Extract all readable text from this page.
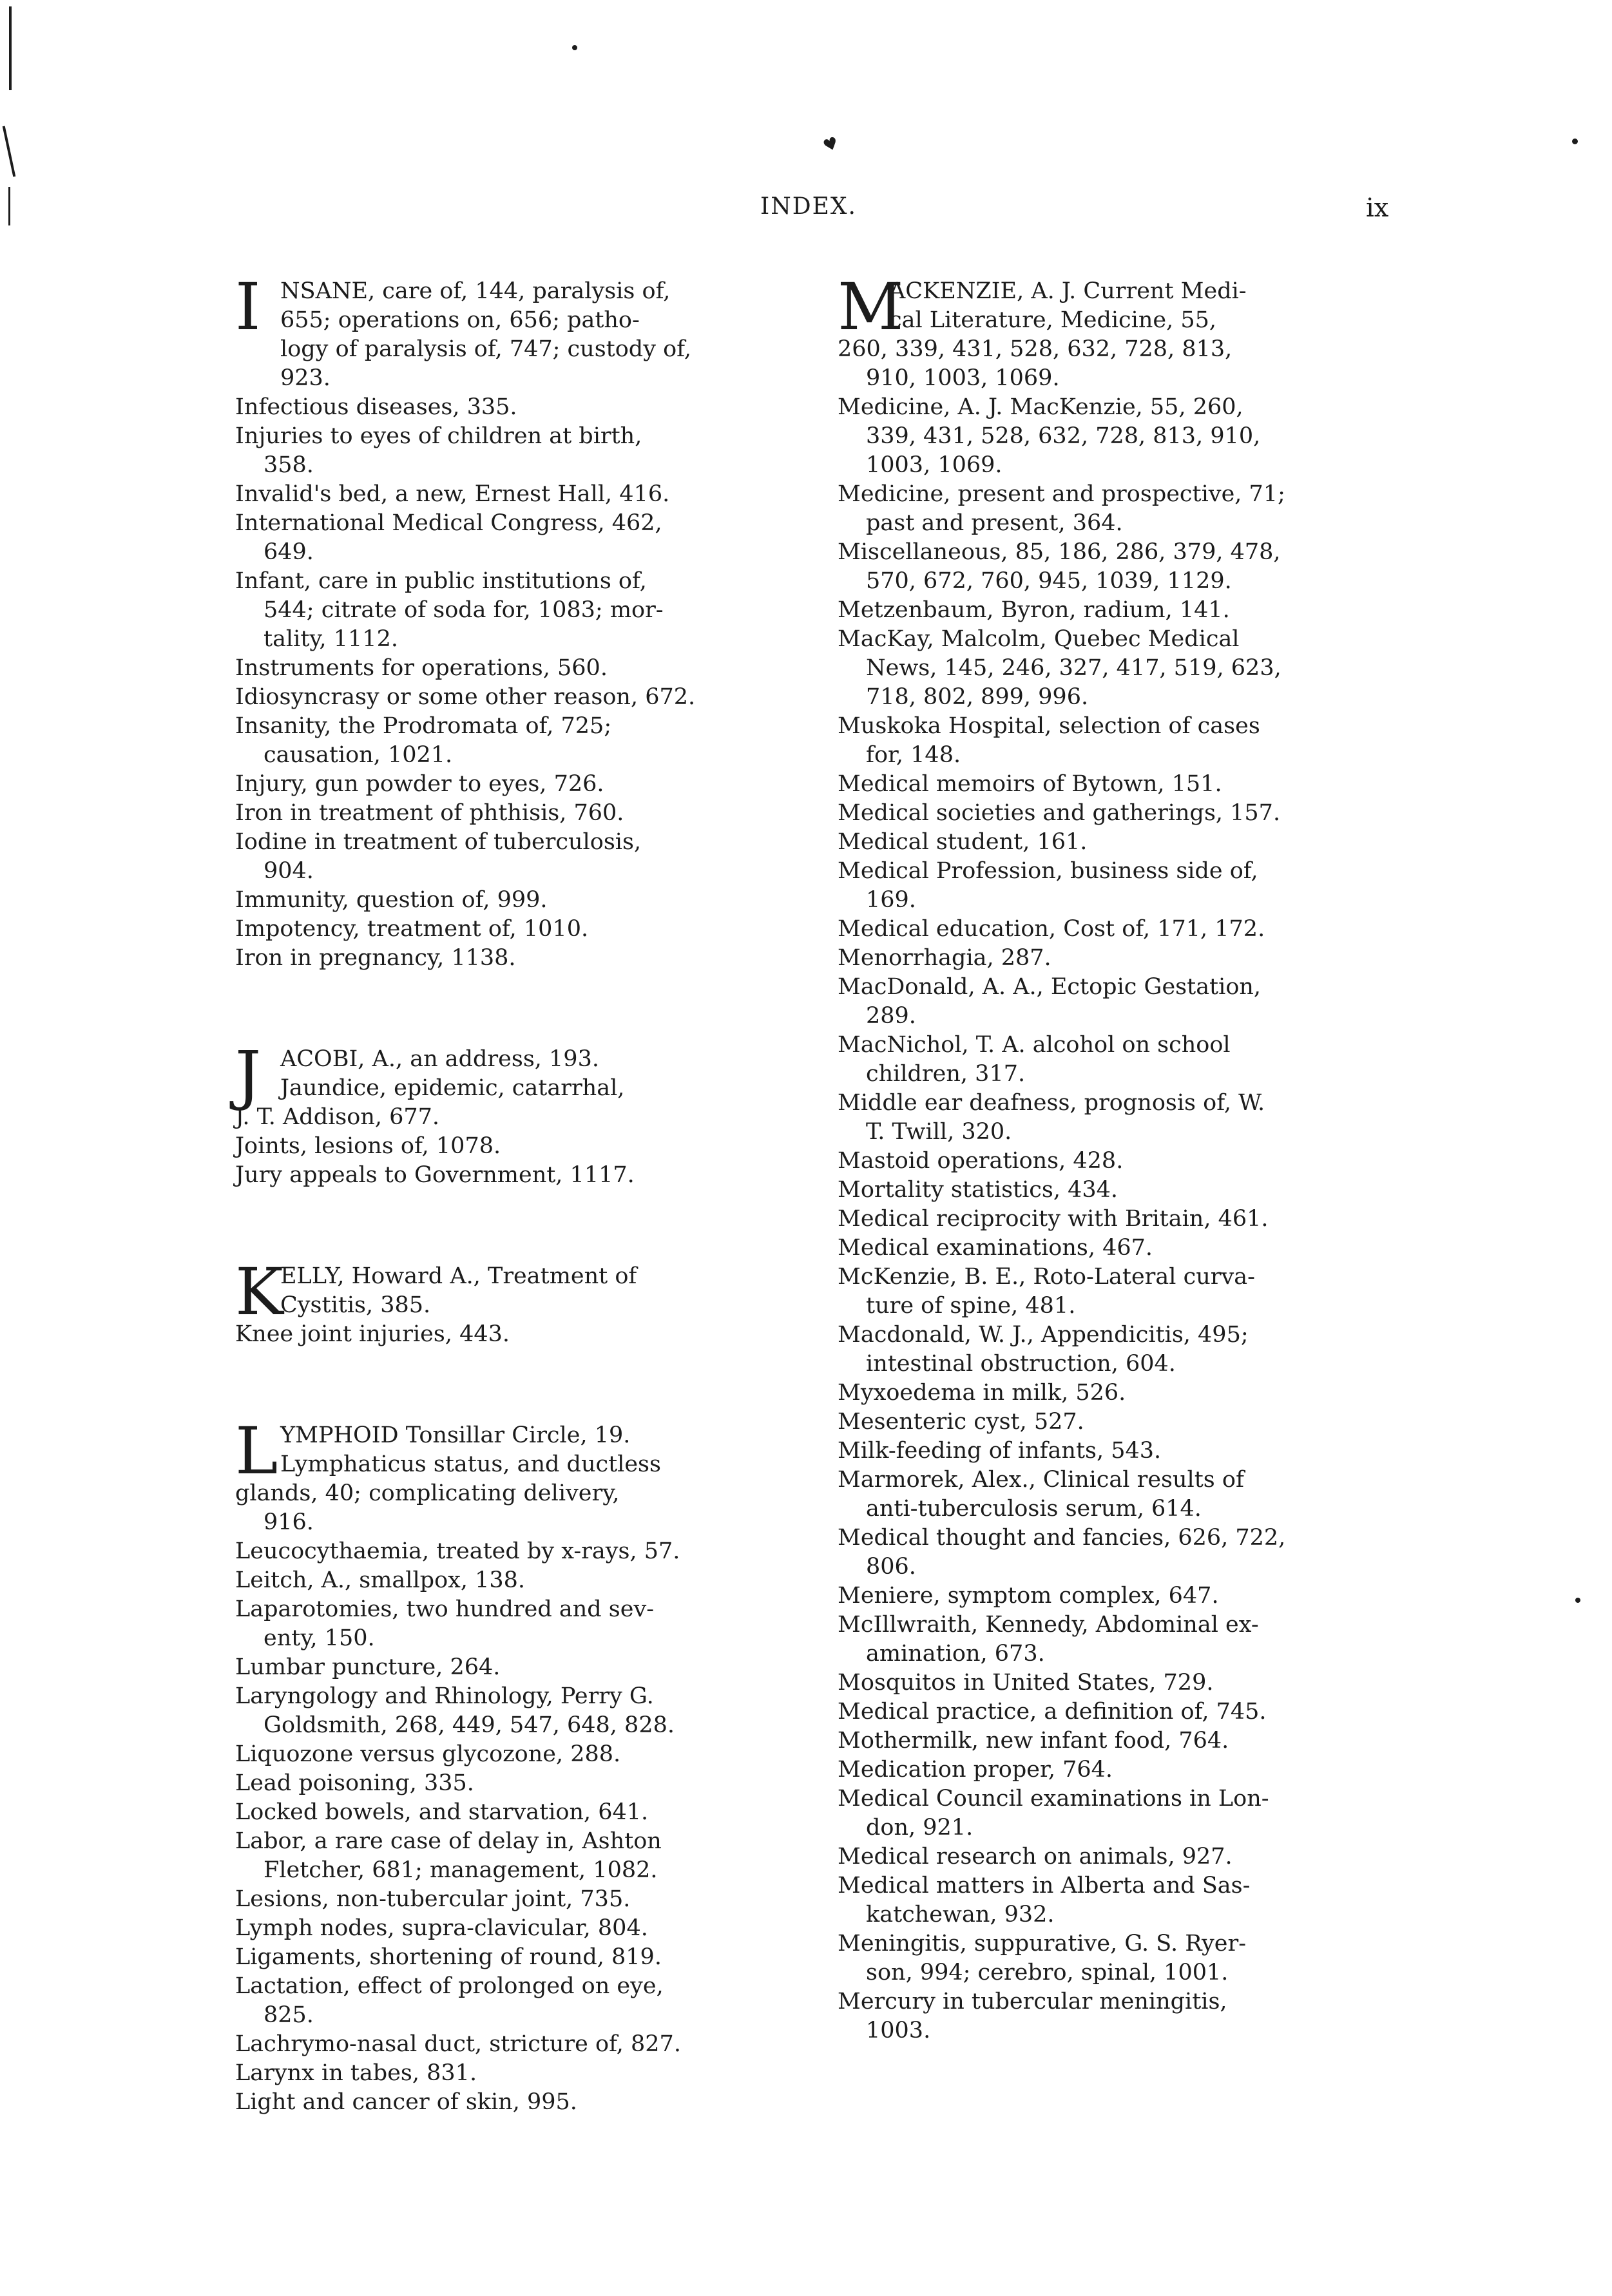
♥
INDEX.	ix
I NSANE, care of, 144, paralysis of,
655; operations on, 656; patho-
logy of paralysis of, 747; custody of,
923.
Infectious diseases, 335.
Injuries to eyes of children at birth,
358.
Invalid's bed, a new, Ernest Hall, 416.
International Medical Congress, 462,
649.
Infant, care in public institutions of,
544; citrate of soda for, 1083; mor-
tality, 1112.
Instruments for operations, 560.
Idiosyncrasy or some other reason, 672.
Insanity, the Prodromata of, 725;
causation, 1021.
Injury, gun powder to eyes, 726.
Iron in treatment of phthisis, 760.
Iodine in treatment of tuberculosis,
904.
Immunity, question of, 999.
Impotency, treatment of, 1010.
Iron in pregnancy, 1138.
J ACOBI, A., an address, 193.
Jaundice, epidemic, catarrhal,
J. T. Addison, 677.
Joints, lesions of, 1078.
Jury appeals to Government, 1117.
K
ELLY, Howard A., Treatment of
Cystitis, 385.
Knee joint injuries, 443.
L YMPHOID Tonsillar Circle, 19.
Lymphaticus status, and ductless
glands, 40; complicating delivery,
916.
Leucocythaemia, treated by x-rays, 57.
Leitch, A., smallpox, 138.
Laparotomies, two hundred and sev-
enty, 150.
Lumbar puncture, 264.
Laryngology and Rhinology, Perry G.
Goldsmith, 268, 449, 547, 648, 828.
Liquozone versus glycozone, 288.
Lead poisoning, 335.
Locked bowels, and starvation, 641.
Labor, a rare case of delay in, Ashton
Fletcher, 681; management, 1082.
Lesions, non-tubercular joint, 735.
Lymph nodes, supra-clavicular, 804.
Ligaments, shortening of round, 819.
Lactation, effect of prolonged on eye,
825.
Lachrymo-nasal duct, stricture of, 827.
Larynx in tabes, 831.
Light and cancer of skin, 995.
M
ACKENZIE, A. J. Current Medi-
cal Literature, Medicine, 55,
260, 339, 431, 528, 632, 728, 813,
910, 1003, 1069.
Medicine, A. J. MacKenzie, 55, 260,
339, 431, 528, 632, 728, 813, 910,
1003, 1069.
Medicine, present and prospective, 71;
past and present, 364.
Miscellaneous, 85, 186, 286, 379, 478,
570, 672, 760, 945, 1039, 1129.
Metzenbaum, Byron, radium, 141.
MacKay, Malcolm, Quebec Medical
News, 145, 246, 327, 417, 519, 623,
718, 802, 899, 996.
Muskoka Hospital, selection of cases
for, 148.
Medical memoirs of Bytown, 151.
Medical societies and gatherings, 157.
Medical student, 161.
Medical Profession, business side of,
169.
Medical education, Cost of, 171, 172.
Menorrhagia, 287.
MacDonald, A. A., Ectopic Gestation,
289.
MacNichol, T. A. alcohol on school
children, 317.
Middle ear deafness, prognosis of, W.
T. Twill, 320.
Mastoid operations, 428.
Mortality statistics, 434.
Medical reciprocity with Britain, 461.
Medical examinations, 467.
McKenzie, B. E., Roto-Lateral curva-
ture of spine, 481.
Macdonald, W. J., Appendicitis, 495;
intestinal obstruction, 604.
Myxoedema in milk, 526.
Mesenteric cyst, 527.
Milk-feeding of infants, 543.
Marmorek, Alex., Clinical results of
anti-tuberculosis serum, 614.
Medical thought and fancies, 626, 722,
806.
Meniere, symptom complex, 647.
McIllwraith, Kennedy, Abdominal ex-
amination, 673.
Mosquitos in United States, 729.
Medical practice, a definition of, 745.
Mothermilk, new infant food, 764.
Medication proper, 764.
Medical Council examinations in Lon-
don, 921.
Medical research on animals, 927.
Medical matters in Alberta and Sas-
katchewan, 932.
Meningitis, suppurative, G. S. Ryer-
son, 994; cerebro, spinal, 1001.
Mercury in tubercular meningitis,
1003.
